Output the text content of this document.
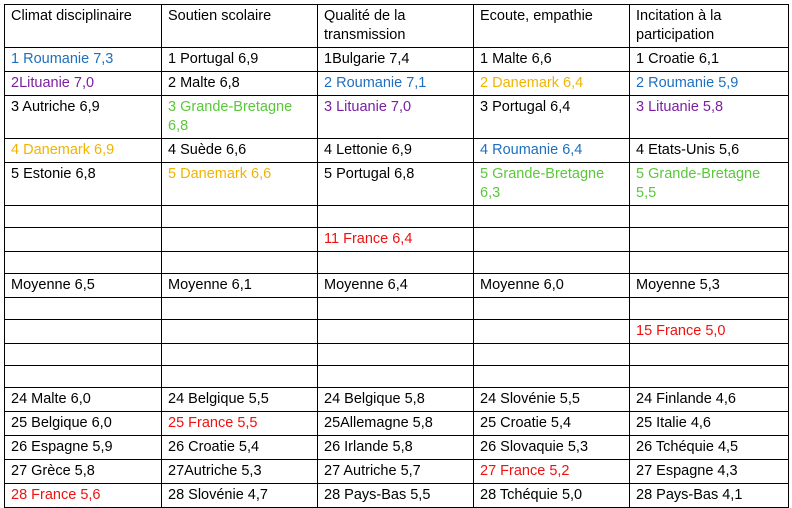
Climat disciplinaire	Soutien scolaire	Qualité de la transmission	Ecoute, empathie	Incitation à la participation
1 Roumanie 7,3	1 Portugal 6,9	1Bulgarie 7,4	1 Malte 6,6	1 Croatie 6,1
2Lituanie 7,0	2 Malte 6,8	2 Roumanie 7,1	2 Danemark 6,4	2 Roumanie 5,9
3 Autriche 6,9	3 Grande-Bretagne 6,8	3 Lituanie 7,0	3 Portugal 6,4	3 Lituanie 5,8
4 Danemark 6,9	4 Suède 6,6	4 Lettonie 6,9	4 Roumanie 6,4	4 Etats-Unis 5,6
5 Estonie 6,8	5 Danemark 6,6	5 Portugal 6,8	5 Grande-Bretagne 6,3	5 Grande-Bretagne 5,5

		11 France 6,4		

Moyenne 6,5	Moyenne 6,1	Moyenne 6,4	Moyenne 6,0	Moyenne 5,3

				15 France 5,0

24 Malte 6,0	24 Belgique 5,5	24 Belgique 5,8	24 Slovénie 5,5	24 Finlande 4,6
25 Belgique 6,0	25 France 5,5	25Allemagne 5,8	25 Croatie 5,4	25 Italie 4,6
26 Espagne 5,9	26 Croatie 5,4	26 Irlande 5,8	26 Slovaquie 5,3	26 Tchéquie 4,5
27 Grèce 5,8	27Autriche 5,3	27 Autriche 5,7	27 France 5,2	27 Espagne 4,3
28 France 5,6	28 Slovénie 4,7	28 Pays-Bas 5,5	28 Tchéquie 5,0	28 Pays-Bas 4,1
